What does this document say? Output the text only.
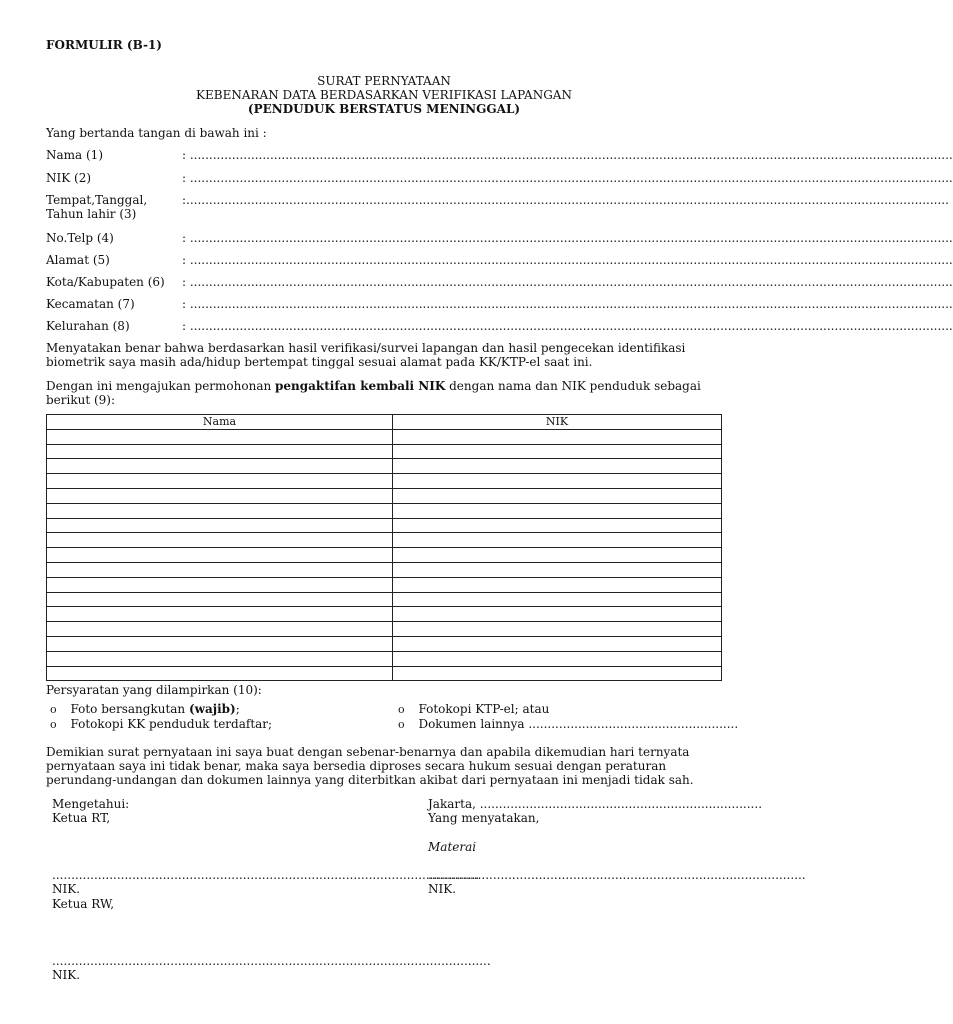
FORMULIR (B-1)
SURAT PERNYATAAN
KEBENARAN DATA BERDASARKAN VERIFIKASI LAPANGAN
(PENDUDUK BERSTATUS MENINGGAL)
Yang bertanda tangan di bawah ini :
Nama (1)	: ........................................................................................................................................................................................................
NIK (2)	: ........................................................................................................................................................................................................
Tempat,Tanggal,
Tahun lahir (3)
:........................................................................................................................................................................................................
No.Telp (4)	: ........................................................................................................................................................................................................
Alamat (5)	: ........................................................................................................................................................................................................
Kota/Kabupaten (6) : ........................................................................................................................................................................................................
Kecamatan (7)	: ........................................................................................................................................................................................................
Kelurahan (8)	: ........................................................................................................................................................................................................
Menyatakan benar bahwa berdasarkan hasil verifikasi/survei lapangan dan hasil pengecekan identifikasi
biometrik saya masih ada/hidup bertempat tinggal sesuai alamat pada KK/KTP-el saat ini.
Dengan ini mengajukan permohonan pengaktifan kembali NIK dengan nama dan NIK penduduk sebagai
berikut (9):
Nama	NIK

Persyaratan yang dilampirkan (10):
o Foto bersangkutan (wajib);
o Fotokopi KK penduduk terdaftar;
o Fotokopi KTP-el; atau
o Dokumen lainnya .......................................................
Demikian surat pernyataan ini saya buat dengan sebenar-benarnya dan apabila dikemudian hari ternyata
pernyataan saya ini tidak benar, maka saya bersedia diproses secara hukum sesuai dengan peraturan
perundang-undangan dan dokumen lainnya yang diterbitkan akibat dari pernyataan ini menjadi tidak sah.
Mengetahui:
Ketua RT,
................................................................................................................
NIK.
Ketua RW,
...................................................................................................................
NIK.
Jakarta, ..........................................................................
Yang menyatakan,
Materai
...................................................................................................
NIK.
